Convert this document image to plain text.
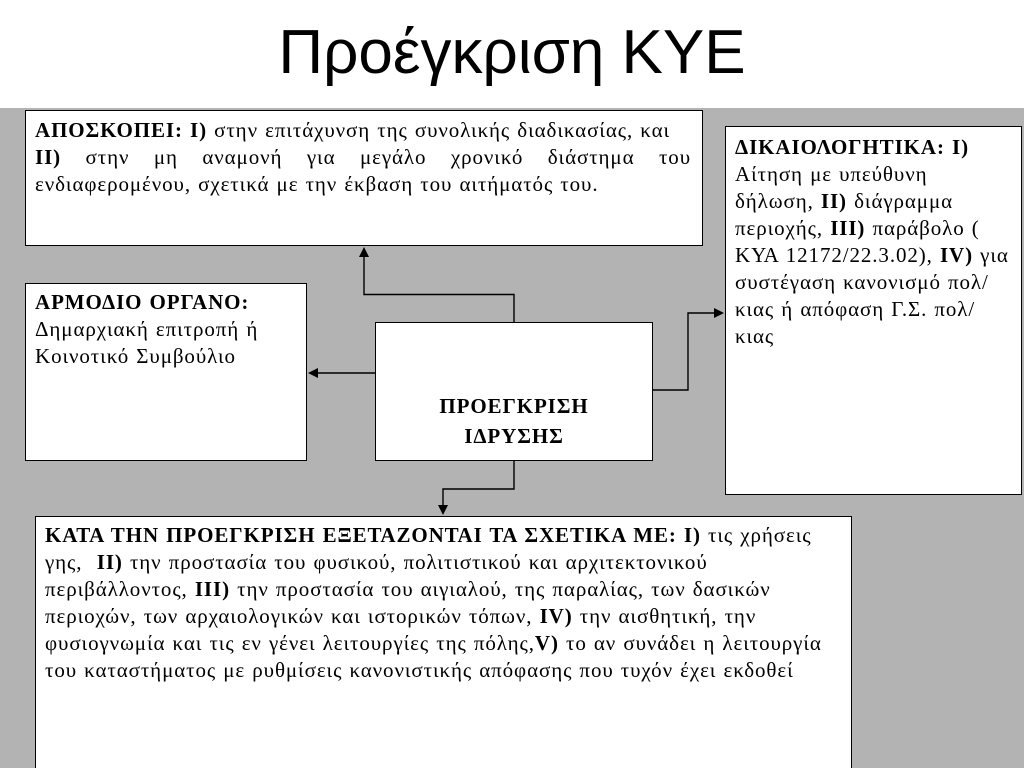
Προέγκριση ΚΥΕ

ΑΠΟΣΚΟΠΕΙ: I) στην επιτάχυνση της συνολικής διαδικασίας, και

II) στην μη αναμονή για μεγάλο χρονικό διάστημα του ενδιαφερομένου, σχετικά με την έκβαση του αιτήματός του.

ΑΡΜΟΔΙΟ ΟΡΓΑΝΟ:

Δημαρχιακή επιτροπή ή Κοινοτικό Συμβούλιο

ΠΡΟΕΓΚΡΙΣΗ ΙΔΡΥΣΗΣ

ΔΙΚΑΙΟΛΟΓΗΤΙΚΑ: I) Αίτηση με υπεύθυνη δήλωση, II) διάγραμμα περιοχής, III) παράβολο ( ΚΥΑ 12172/22.3.02), IV) για συστέγαση κανονισμό πολ/κιας ή απόφαση Γ.Σ. πολ/κιας

ΚΑΤΑ ΤΗΝ ΠΡΟΕΓΚΡΙΣΗ ΕΞΕΤΑΖΟΝΤΑΙ ΤΑ ΣΧΕΤΙΚΑ ΜΕ: I) τις χρήσεις γης, II) την προστασία του φυσικού, πολιτιστικού και αρχιτεκτονικού περιβάλλοντος, III) την προστασία του αιγιαλού, της παραλίας, των δασικών περιοχών, των αρχαιολογικών και ιστορικών τόπων, IV) την αισθητική, την φυσιογνωμία και τις εν γένει λειτουργίες της πόλης,V) το αν συνάδει η λειτουργία του καταστήματος με ρυθμίσεις κανονιστικής απόφασης που τυχόν έχει εκδοθεί
